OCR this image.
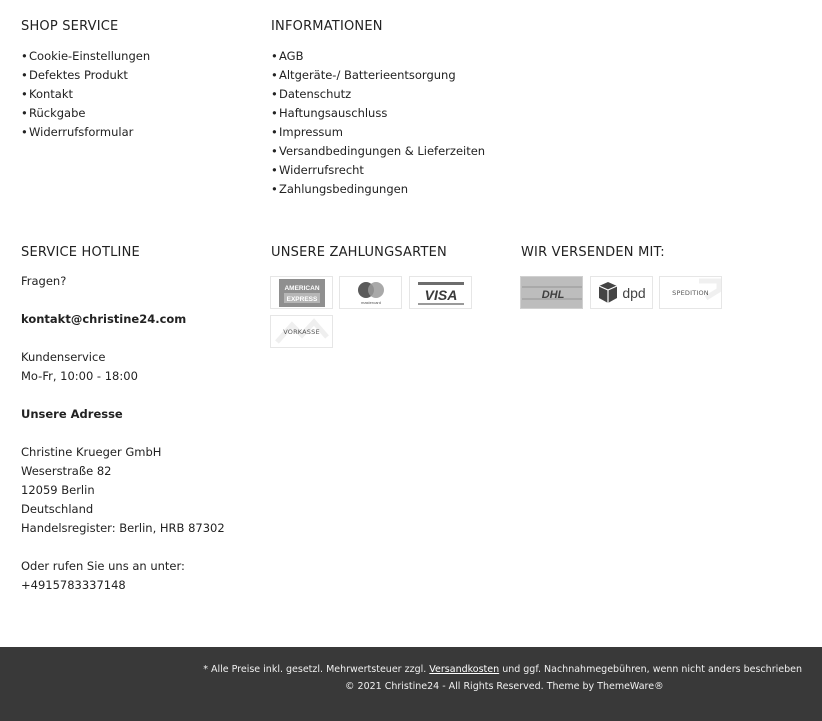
SHOP SERVICE
•Cookie-Einstellungen
•Defektes Produkt
•Kontakt
•Rückgabe
•Widerrufsformular
INFORMATIONEN
•AGB
•Altgeräte-/ Batterieentsorgung
•Datenschutz
•Haftungsauschluss
•Impressum
•Versandbedingungen & Lieferzeiten
•Widerrufsrecht
•Zahlungsbedingungen
SERVICE HOTLINE

Fragen?

kontakt@christine24.com

Kundenservice

Mo-Fr, 10:00 - 18:00

Unsere Adresse

Christine Krueger GmbH

Weserstraße 82

12059 Berlin

Deutschland

Handelsregister: Berlin, HRB 87302

Oder rufen Sie uns an unter:

+4915783337148

UNSERE ZAHLUNGSARTEN
AMERICAN
EXPRESS	mastercard	VISA
VORKASSE
WIR VERSENDEN MIT:
DHL	dpd	SPEDITION
* Alle Preise inkl. gesetzl. Mehrwertsteuer zzgl. Versandkosten und ggf. Nachnahmegebühren, wenn nicht anders beschrieben
© 2021 Christine24 - All Rights Reserved. Theme by ThemeWare®
